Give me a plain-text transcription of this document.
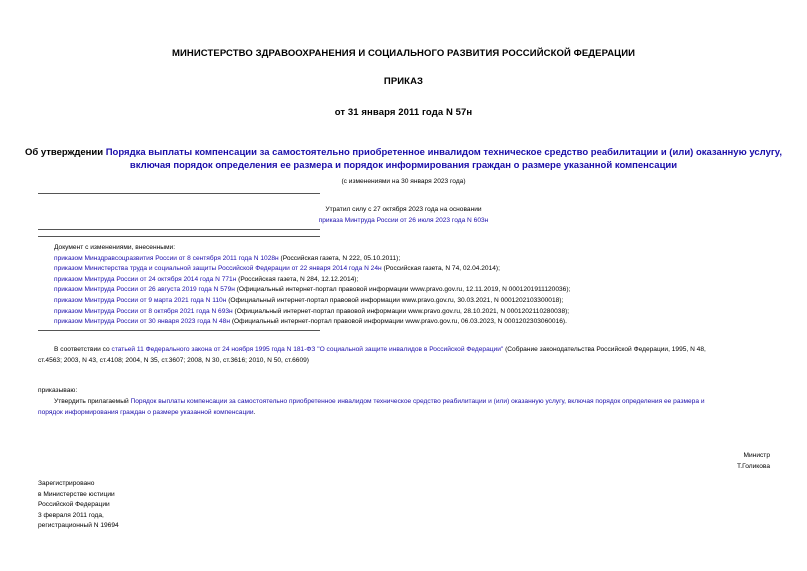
МИНИСТЕРСТВО ЗДРАВООХРАНЕНИЯ И СОЦИАЛЬНОГО РАЗВИТИЯ РОССИЙСКОЙ ФЕДЕРАЦИИ
ПРИКАЗ
от 31 января 2011 года N 57н
Об утверждении Порядка выплаты компенсации за самостоятельно приобретенное инвалидом техническое средство реабилитации и (или) оказанную услугу,
включая порядок определения ее размера и порядок информирования граждан о размере указанной компенсации
(с изменениями на 30 января 2023 года)
Утратил силу с 27 октября 2023 года на основании
приказа Минтруда России от 26 июля 2023 года N 603н
Документ с изменениями, внесенными:
приказом Минздравсоцразвития России от 8 сентября 2011 года N 1028н (Российская газета, N 222, 05.10.2011);
приказом Министерства труда и социальной защиты Российской Федерации от 22 января 2014 года N 24н (Российская газета, N 74, 02.04.2014);
приказом Минтруда России от 24 октября 2014 года N 771н (Российская газета, N 284, 12.12.2014);
приказом Минтруда России от 26 августа 2019 года N 579н (Официальный интернет-портал правовой информации www.pravo.gov.ru, 12.11.2019, N 0001201911120036);
приказом Минтруда России от 9 марта 2021 года N 110н (Официальный интернет-портал правовой информации www.pravo.gov.ru, 30.03.2021, N 0001202103300018);
приказом Минтруда России от 8 октября 2021 года N 693н (Официальный интернет-портал правовой информации www.pravo.gov.ru, 28.10.2021, N 0001202110280038);
приказом Минтруда России от 30 января 2023 года N 48н (Официальный интернет-портал правовой информации www.pravo.gov.ru, 06.03.2023, N 0001202303060016).
В соответствии со статьей 11 Федерального закона от 24 ноября 1995 года N 181-ФЗ "О социальной защите инвалидов в Российской Федерации" (Собрание законодательства Российской Федерации, 1995, N 48,
ст.4563; 2003, N 43, ст.4108; 2004, N 35, ст.3607; 2008, N 30, ст.3616; 2010, N 50, ст.6609)
приказываю:
Утвердить прилагаемый Порядок выплаты компенсации за самостоятельно приобретенное инвалидом техническое средство реабилитации и (или) оказанную услугу, включая порядок определения ее размера и
порядок информирования граждан о размере указанной компенсации.
Министр
Т.Голикова
Зарегистрировано
в Министерстве юстиции
Российской Федерации
3 февраля 2011 года,
регистрационный N 19694
